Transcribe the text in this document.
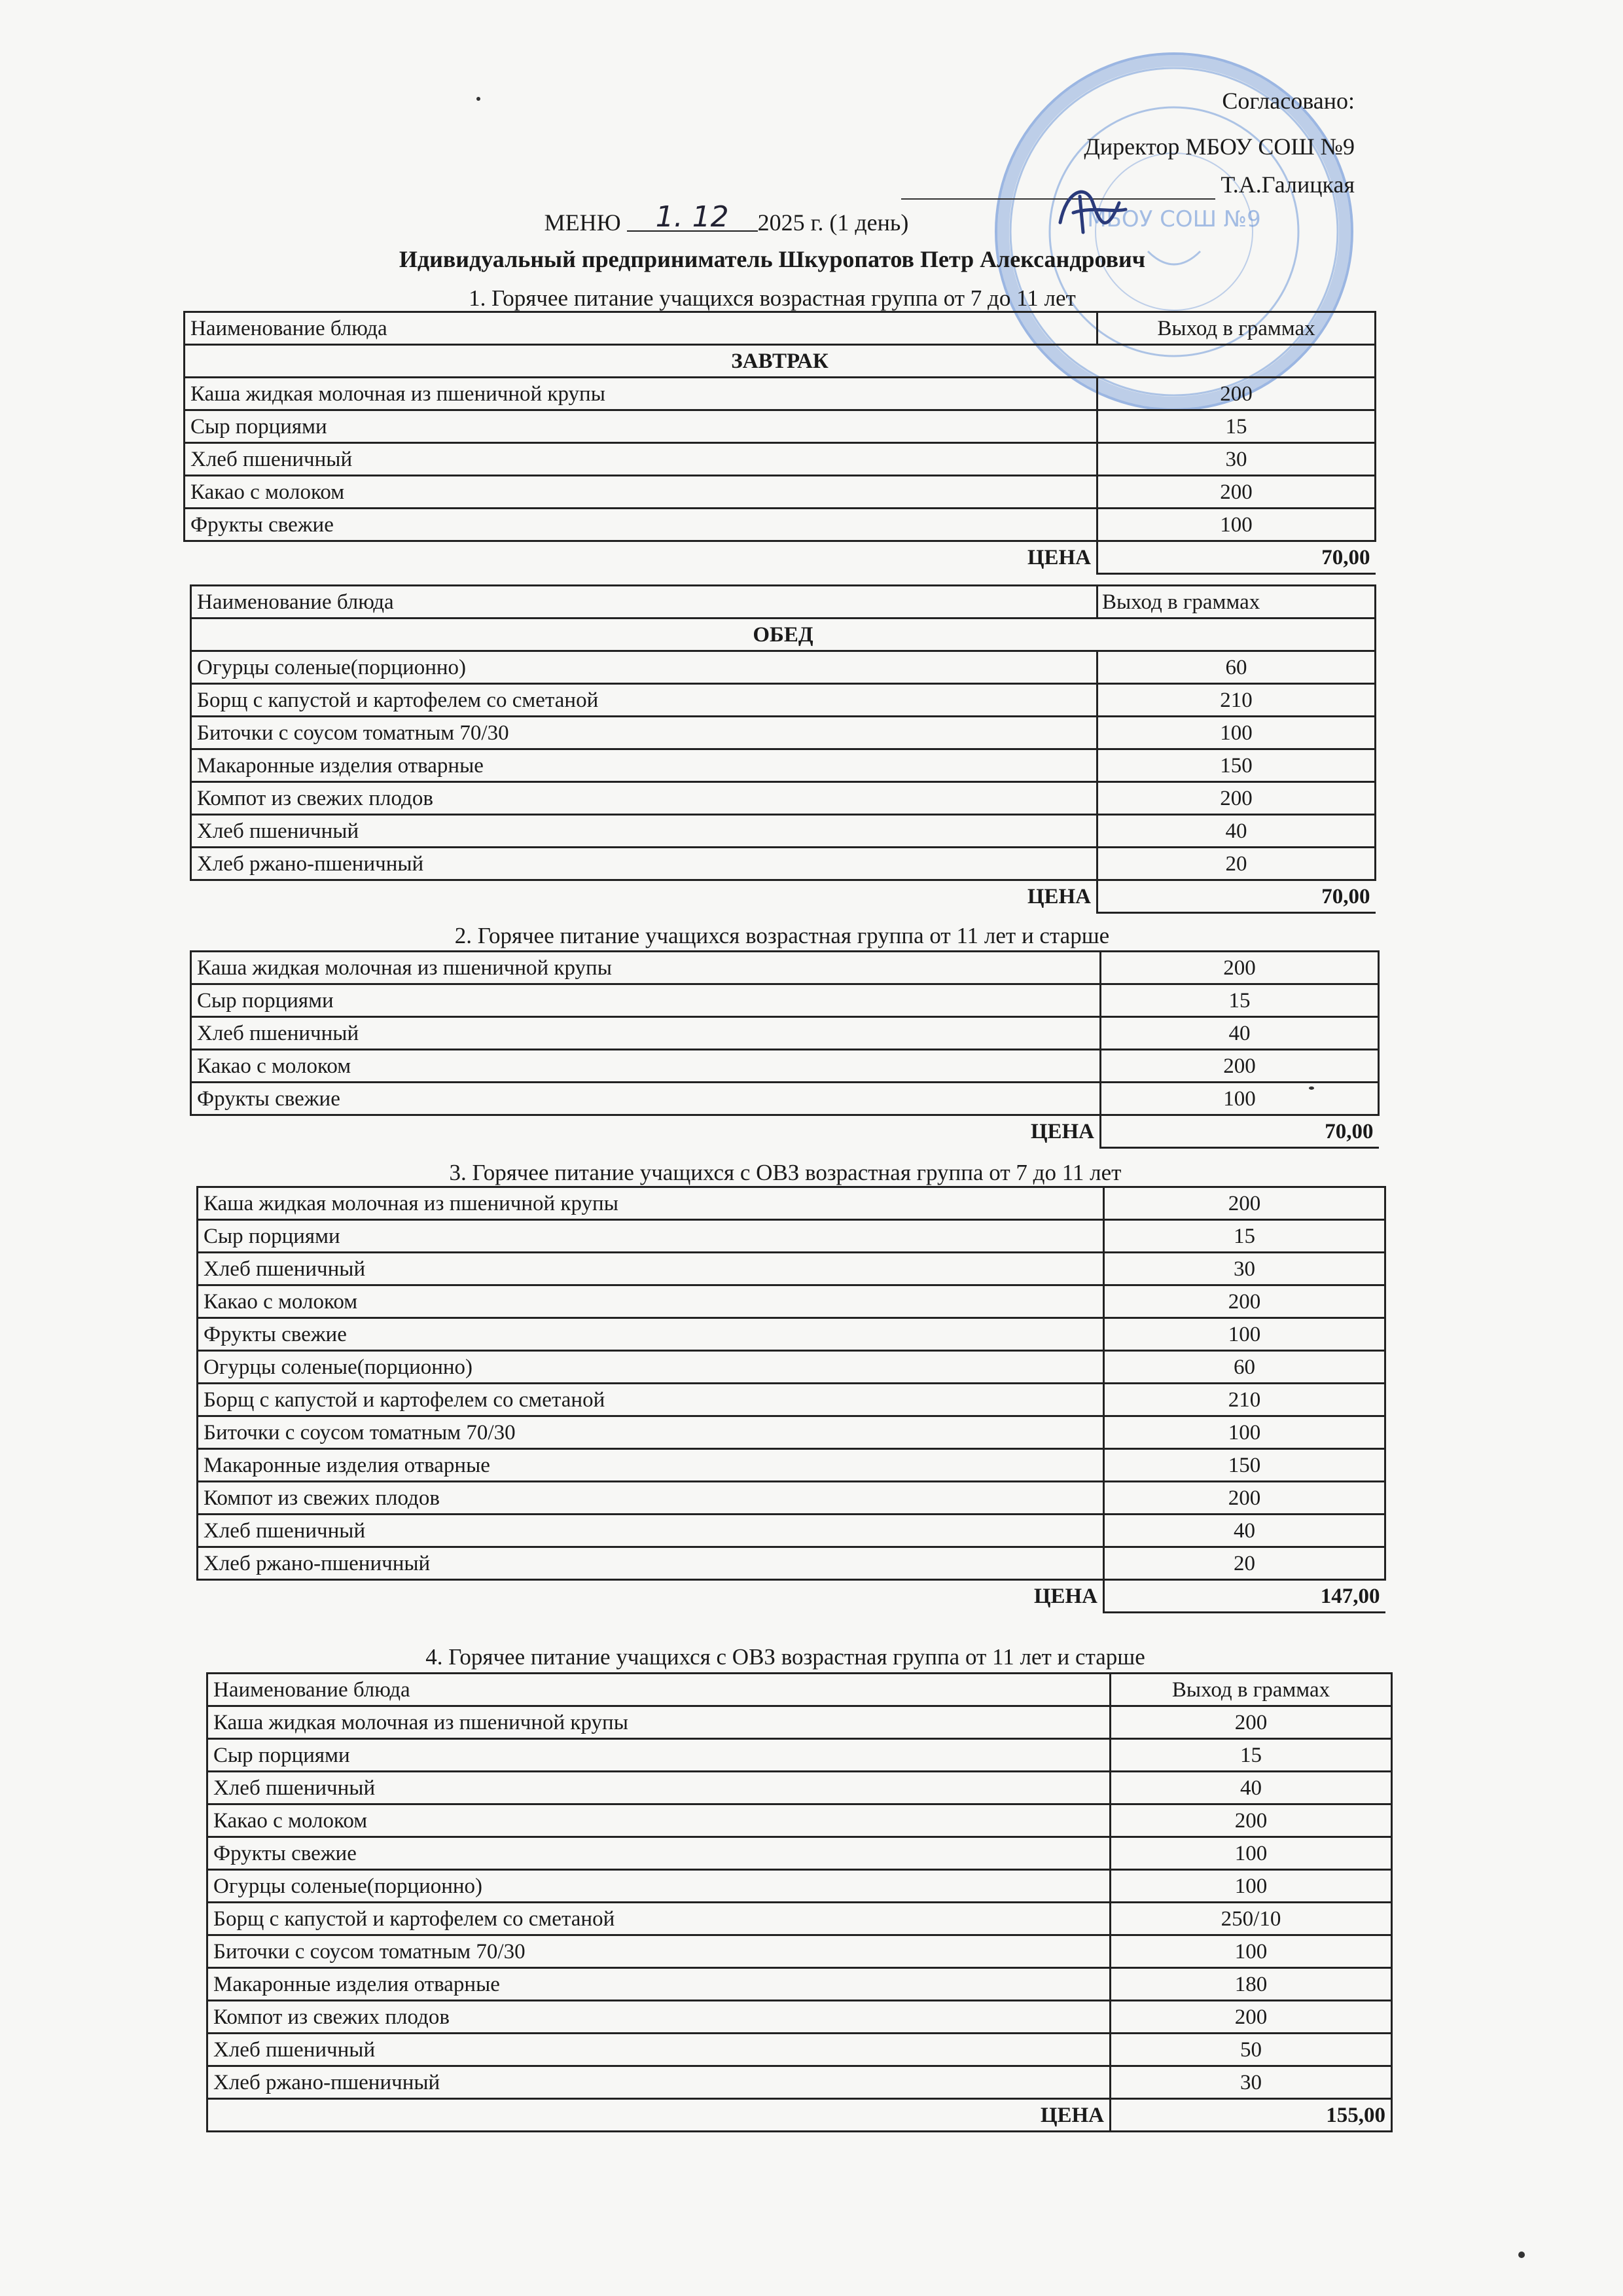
МБОУ СОШ №9
Согласовано:
Директор МБОУ СОШ №9
Т.А.Галицкая
МЕНЮ 1. 12 2025 г. (1 день)
Идивидуальный предприниматель Шкуропатов Петр Александрович
1. Горячее питание учащихся возрастная группа от 7 до 11 лет
Наименование блюда	Выход в граммах
ЗАВТРАК	
Каша жидкая молочная из пшеничной крупы	200
Сыр порциями	15
Хлеб пшеничный	30
Какао с молоком	200
Фрукты свежие	100
ЦЕНА	70,00
Наименование блюда	Выход в граммах
ОБЕД	
Огурцы соленые(порционно)	60
Борщ с капустой и картофелем со сметаной	210
Биточки с соусом томатным 70/30	100
Макаронные изделия отварные	150
Компот из свежих плодов	200
Хлеб пшеничный	40
Хлеб ржано-пшеничный	20
ЦЕНА	70,00
2. Горячее питание учащихся возрастная группа от 11 лет и старше
Каша жидкая молочная из пшеничной крупы	200
Сыр порциями	15
Хлеб пшеничный	40
Какао с молоком	200
Фрукты свежие	100
ЦЕНА	70,00
3. Горячее питание учащихся с ОВЗ возрастная группа от 7 до 11 лет
Каша жидкая молочная из пшеничной крупы	200
Сыр порциями	15
Хлеб пшеничный	30
Какао с молоком	200
Фрукты свежие	100
Огурцы соленые(порционно)	60
Борщ с капустой и картофелем со сметаной	210
Биточки с соусом томатным 70/30	100
Макаронные изделия отварные	150
Компот из свежих плодов	200
Хлеб пшеничный	40
Хлеб ржано-пшеничный	20
ЦЕНА	147,00
4. Горячее питание учащихся с ОВЗ возрастная группа от 11 лет и старше
Наименование блюда	Выход в граммах
Каша жидкая молочная из пшеничной крупы	200
Сыр порциями	15
Хлеб пшеничный	40
Какао с молоком	200
Фрукты свежие	100
Огурцы соленые(порционно)	100
Борщ с капустой и картофелем со сметаной	250/10
Биточки с соусом томатным 70/30	100
Макаронные изделия отварные	180
Компот из свежих плодов	200
Хлеб пшеничный	50
Хлеб ржано-пшеничный	30
ЦЕНА	155,00
